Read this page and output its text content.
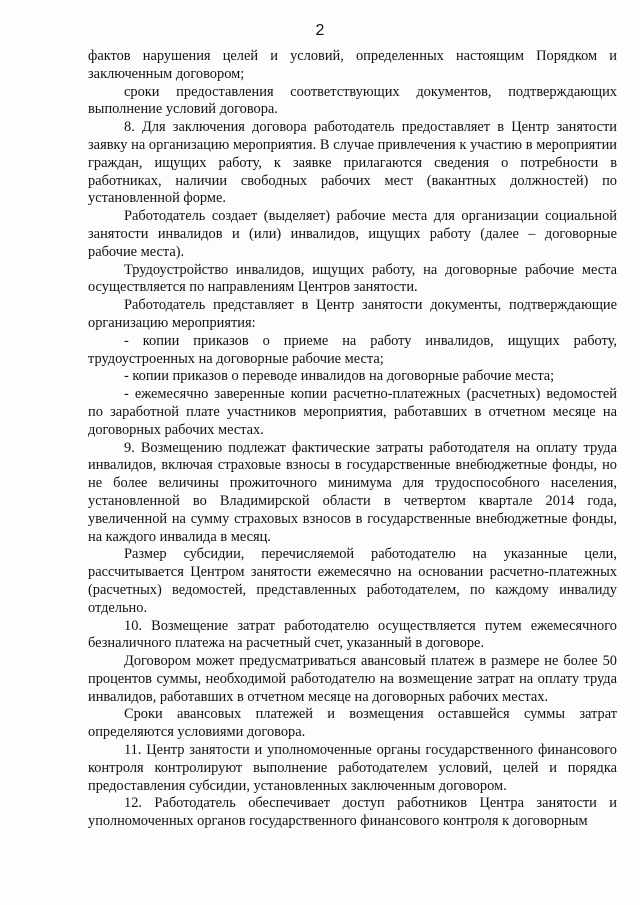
2

фактов нарушения целей и условий, определенных настоящим Порядком и заключенным договором;

сроки предоставления соответствующих документов, подтверждающих выполнение условий договора.

8. Для заключения договора работодатель предоставляет в Центр занятости заявку на организацию мероприятия. В случае привлечения к участию в мероприятии граждан, ищущих работу, к заявке прилагаются сведения о потребности в работниках, наличии свободных рабочих мест (вакантных должностей) по установленной форме.

Работодатель создает (выделяет) рабочие места для организации социальной занятости инвалидов и (или) инвалидов, ищущих работу (далее – договорные рабочие места).

Трудоустройство инвалидов, ищущих работу, на договорные рабочие места осуществляется по направлениям Центров занятости.

Работодатель представляет в Центр занятости документы, подтверждающие организацию мероприятия:

- копии приказов о приеме на работу инвалидов, ищущих работу, трудоустроенных на договорные рабочие места;

- копии приказов о переводе инвалидов на договорные рабочие места;

- ежемесячно заверенные копии расчетно-платежных (расчетных) ведомостей по заработной плате участников мероприятия, работавших в отчетном месяце на договорных рабочих местах.

9. Возмещению подлежат фактические затраты работодателя на оплату труда инвалидов, включая страховые взносы в государственные внебюджетные фонды, но не более величины прожиточного минимума для трудоспособного населения, установленной во Владимирской области в четвертом квартале 2014 года, увеличенной на сумму страховых взносов в государственные внебюджетные фонды, на каждого инвалида в месяц.

Размер субсидии, перечисляемой работодателю на указанные цели, рассчитывается Центром занятости ежемесячно на основании расчетно-платежных (расчетных) ведомостей, представленных работодателем, по каждому инвалиду отдельно.

10. Возмещение затрат работодателю осуществляется путем ежемесячного безналичного платежа на расчетный счет, указанный в договоре.

Договором может предусматриваться авансовый платеж в размере не более 50 процентов суммы, необходимой работодателю на возмещение затрат на оплату труда инвалидов, работавших в отчетном месяце на договорных рабочих местах.

Сроки авансовых платежей и возмещения оставшейся суммы затрат определяются условиями договора.

11. Центр занятости и уполномоченные органы государственного финансового контроля контролируют выполнение работодателем условий, целей и порядка предоставления субсидии, установленных заключенным договором.

12. Работодатель обеспечивает доступ работников Центра занятости и уполномоченных органов государственного финансового контроля к договорным
